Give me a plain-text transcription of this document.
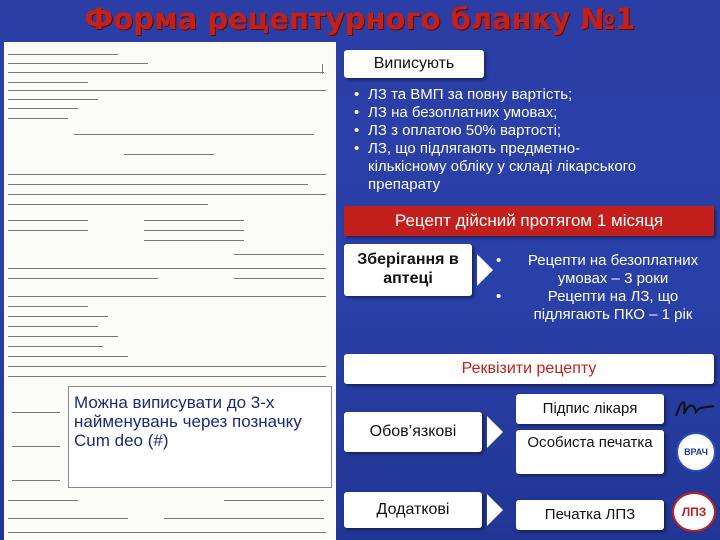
Форма рецептурного бланку №1
Можна виписувати до 3-х найменувань через позначку Cum deo (#)
Виписують
• ЛЗ та ВМП за повну вартість;
• ЛЗ на безоплатних умовах;
• ЛЗ з оплатою 50% вартості;
• ЛЗ, що підлягають предметно-кількісному обліку у складі лікарського препарату
Рецепт дійсний протягом 1 місяця
Зберігання в аптеці
• Рецепти на безоплатних умовах – 3 роки
• Рецепти на ЛЗ, що підлягають ПКО – 1 рік
Реквізити рецепту
Обов’язкові
Додаткові
Підпис лікаря
Особиста печатка
Печатка ЛПЗ
ВРАЧ
ЛПЗ
